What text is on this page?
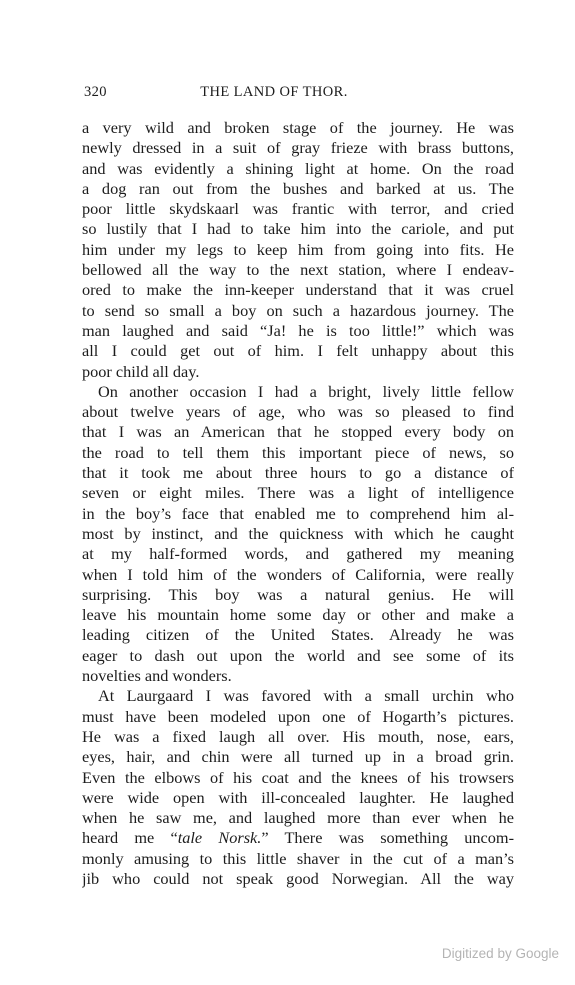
320	THE LAND OF THOR.
a very wild and broken stage of the journey. He was
newly dressed in a suit of gray frieze with brass buttons,
and was evidently a shining light at home. On the road
a dog ran out from the bushes and barked at us. The
poor little skydskaarl was frantic with terror, and cried
so lustily that I had to take him into the cariole, and put
him under my legs to keep him from going into fits. He
bellowed all the way to the next station, where I endeav-
ored to make the inn-keeper understand that it was cruel
to send so small a boy on such a hazardous journey. The
man laughed and said “Ja! he is too little!” which was
all I could get out of him. I felt unhappy about this
poor child all day.
On another occasion I had a bright, lively little fellow
about twelve years of age, who was so pleased to find
that I was an American that he stopped every body on
the road to tell them this important piece of news, so
that it took me about three hours to go a distance of
seven or eight miles. There was a light of intelligence
in the boy’s face that enabled me to comprehend him al-
most by instinct, and the quickness with which he caught
at my half-formed words, and gathered my meaning
when I told him of the wonders of California, were really
surprising. This boy was a natural genius. He will
leave his mountain home some day or other and make a
leading citizen of the United States. Already he was
eager to dash out upon the world and see some of its
novelties and wonders.
At Laurgaard I was favored with a small urchin who
must have been modeled upon one of Hogarth’s pictures.
He was a fixed laugh all over. His mouth, nose, ears,
eyes, hair, and chin were all turned up in a broad grin.
Even the elbows of his coat and the knees of his trowsers
were wide open with ill-concealed laughter. He laughed
when he saw me, and laughed more than ever when he
heard me “tale Norsk.” There was something uncom-
monly amusing to this little shaver in the cut of a man’s
jib who could not speak good Norwegian. All the way
Digitized by Google
